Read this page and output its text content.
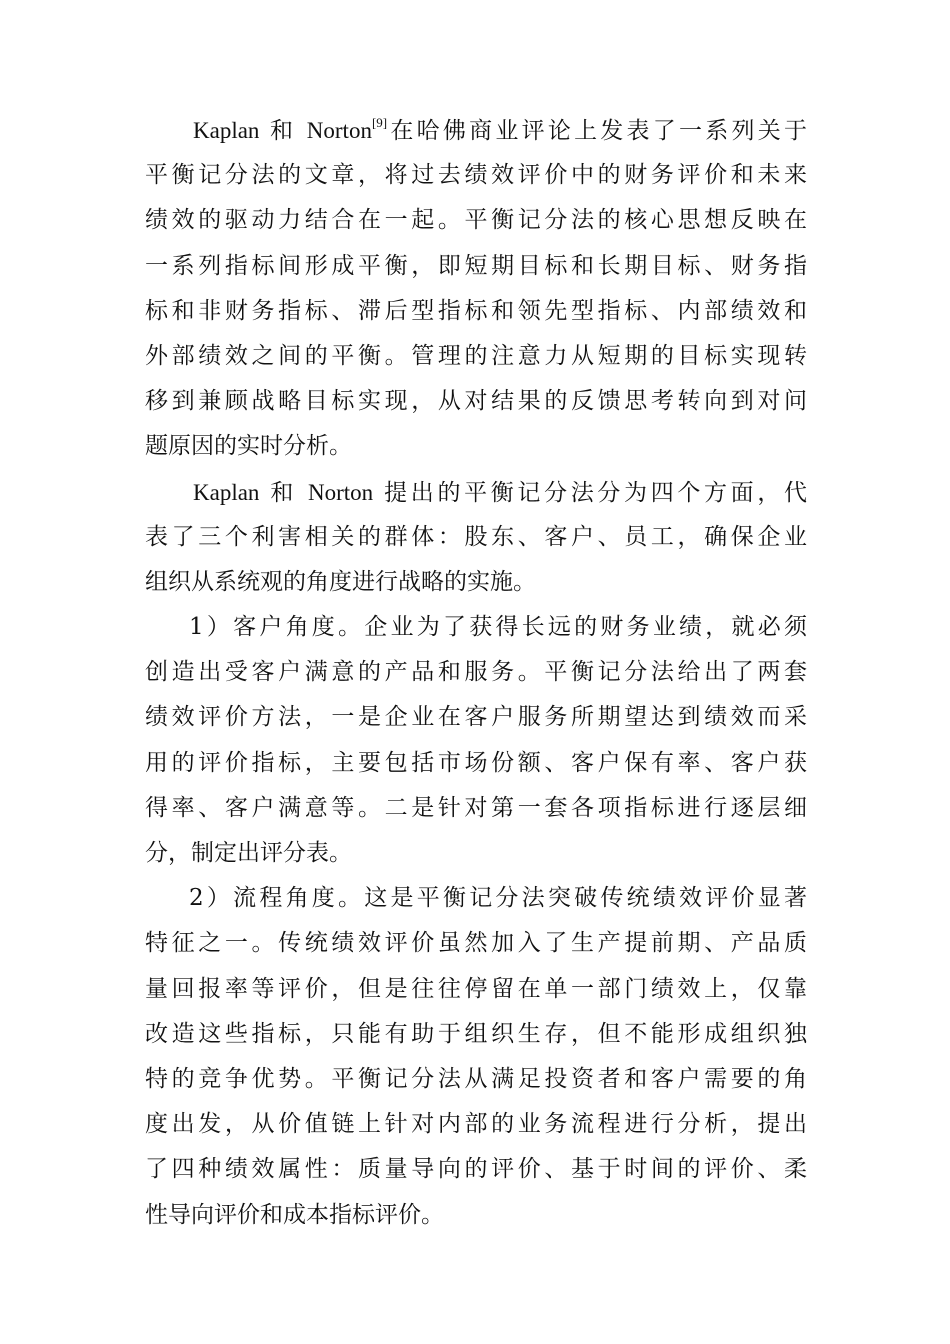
Kaplan 和 Norton[9]在哈佛商业评论上发表了一系列关于
平衡记分法的文章，将过去绩效评价中的财务评价和未来
绩效的驱动力结合在一起。平衡记分法的核心思想反映在
一系列指标间形成平衡，即短期目标和长期目标、财务指
标和非财务指标、滞后型指标和领先型指标、内部绩效和
外部绩效之间的平衡。管理的注意力从短期的目标实现转
移到兼顾战略目标实现，从对结果的反馈思考转向到对问
题原因的实时分析。
Kaplan 和 Norton 提出的平衡记分法分为四个方面，代
表了三个利害相关的群体：股东、客户、员工，确保企业
组织从系统观的角度进行战略的实施。
1）客户角度。企业为了获得长远的财务业绩，就必须
创造出受客户满意的产品和服务。平衡记分法给出了两套
绩效评价方法，一是企业在客户服务所期望达到绩效而采
用的评价指标，主要包括市场份额、客户保有率、客户获
得率、客户满意等。二是针对第一套各项指标进行逐层细
分，制定出评分表。
2）流程角度。这是平衡记分法突破传统绩效评价显著
特征之一。传统绩效评价虽然加入了生产提前期、产品质
量回报率等评价，但是往往停留在单一部门绩效上，仅靠
改造这些指标，只能有助于组织生存，但不能形成组织独
特的竞争优势。平衡记分法从满足投资者和客户需要的角
度出发，从价值链上针对内部的业务流程进行分析，提出
了四种绩效属性：质量导向的评价、基于时间的评价、柔
性导向评价和成本指标评价。
